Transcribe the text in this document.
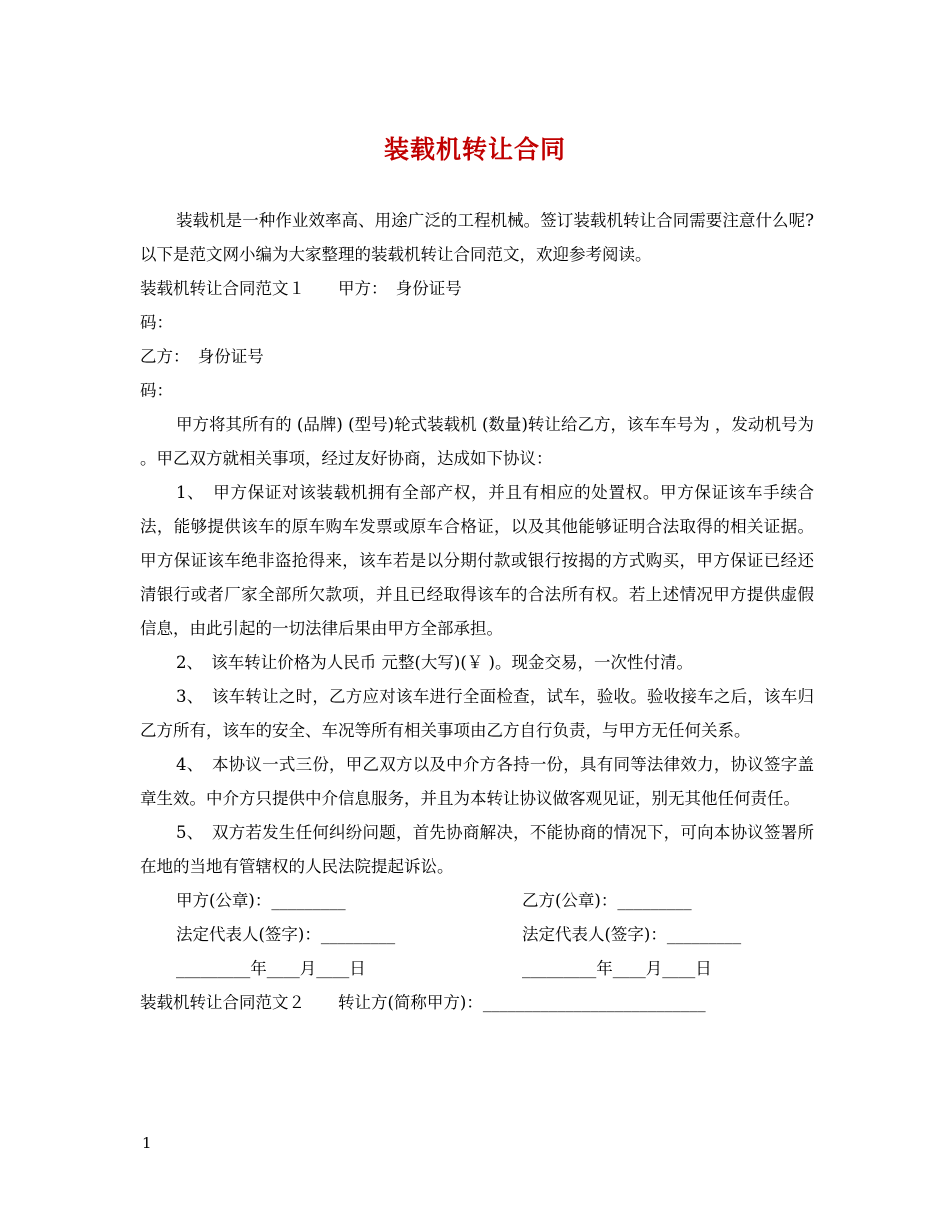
装载机转让合同

装载机是一种作业效率高、用途广泛的工程机械。签订装载机转让合同需要注意什么呢?以下是范文网小编为大家整理的装载机转让合同范文，欢迎参考阅读。

装载机转让合同范文１　　甲方：　身份证号

码：

乙方：　身份证号

码：

甲方将其所有的 (品牌) (型号)轮式装载机 (数量)转让给乙方，该车车号为 ，发动机号为 。甲乙双方就相关事项，经过友好协商，达成如下协议：

1、　甲方保证对该装载机拥有全部产权，并且有相应的处置权。甲方保证该车手续合法，能够提供该车的原车购车发票或原车合格证，以及其他能够证明合法取得的相关证据。甲方保证该车绝非盗抢得来，该车若是以分期付款或银行按揭的方式购买，甲方保证已经还清银行或者厂家全部所欠款项，并且已经取得该车的合法所有权。若上述情况甲方提供虚假信息，由此引起的一切法律后果由甲方全部承担。

2、　该车转让价格为人民币 元整(大写)(￥ )。现金交易，一次性付清。

3、　该车转让之时，乙方应对该车进行全面检查，试车，验收。验收接车之后，该车归乙方所有，该车的安全、车况等所有相关事项由乙方自行负责，与甲方无任何关系。

4、　本协议一式三份，甲乙双方以及中介方各持一份，具有同等法律效力，协议签字盖章生效。中介方只提供中介信息服务，并且为本转让协议做客观见证，别无其他任何责任。

5、　双方若发生任何纠纷问题，首先协商解决，不能协商的情况下，可向本协议签署所在地的当地有管辖权的人民法院提起诉讼。

甲方(公章)：_________	乙方(公章)：_________
法定代表人(签字)：_________	法定代表人(签字)：_________
_________年____月____日	_________年____月____日

装载机转让合同范文２　　转让方(简称甲方)：___________________________

1
